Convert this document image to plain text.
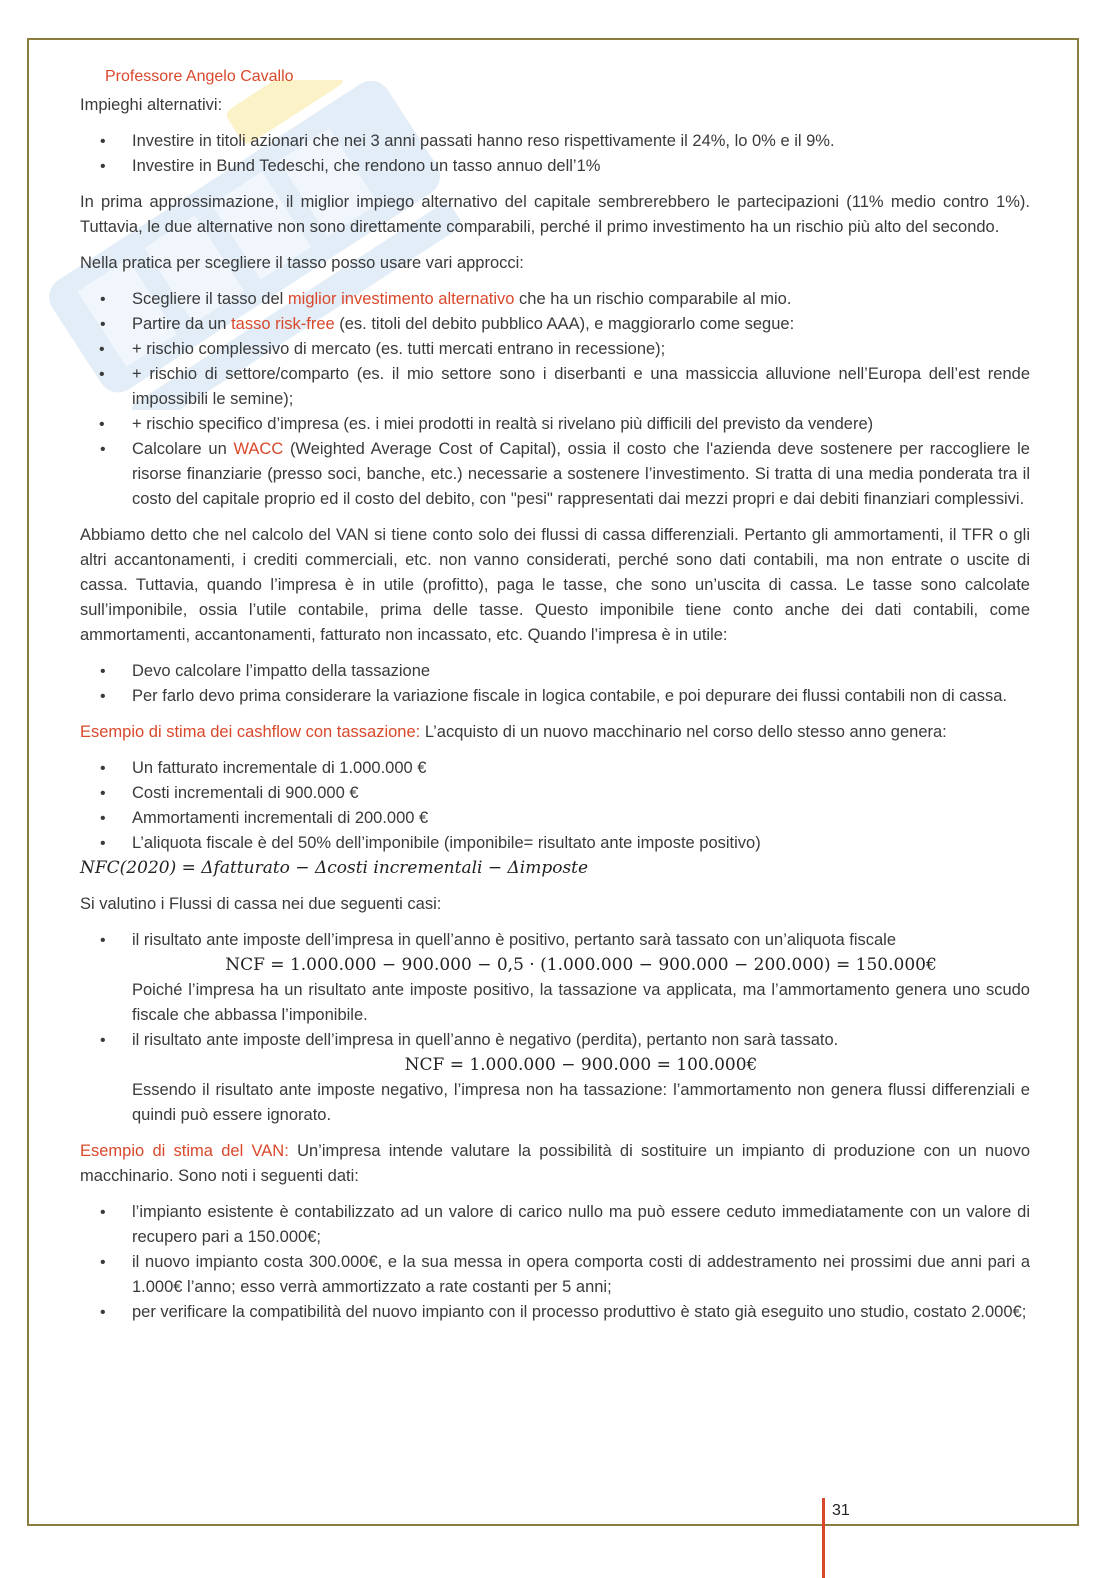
Professore Angelo Cavallo

Impieghi alternativi:

• Investire in titoli azionari che nei 3 anni passati hanno reso rispettivamente il 24%, lo 0% e il 9%.
• Investire in Bund Tedeschi, che rendono un tasso annuo dell’1%

In prima approssimazione, il miglior impiego alternativo del capitale sembrerebbero le partecipazioni (11% medio contro 1%). Tuttavia, le due alternative non sono direttamente comparabili, perché il primo investimento ha un rischio più alto del secondo.

Nella pratica per scegliere il tasso posso usare vari approcci:

• Scegliere il tasso del miglior investimento alternativo che ha un rischio comparabile al mio.
• Partire da un tasso risk-free (es. titoli del debito pubblico AAA), e maggiorarlo come segue:
• + rischio complessivo di mercato (es. tutti mercati entrano in recessione);
• + rischio di settore/comparto (es. il mio settore sono i diserbanti e una massiccia alluvione nell’Europa dell’est rende impossibili le semine);
• + rischio specifico d’impresa (es. i miei prodotti in realtà si rivelano più difficili del previsto da vendere)
• Calcolare un WACC (Weighted Average Cost of Capital), ossia il costo che l'azienda deve sostenere per raccogliere le risorse finanziarie (presso soci, banche, etc.) necessarie a sostenere l’investimento. Si tratta di una media ponderata tra il costo del capitale proprio ed il costo del debito, con "pesi" rappresentati dai mezzi propri e dai debiti finanziari complessivi.

Abbiamo detto che nel calcolo del VAN si tiene conto solo dei flussi di cassa differenziali. Pertanto gli ammortamenti, il TFR o gli altri accantonamenti, i crediti commerciali, etc. non vanno considerati, perché sono dati contabili, ma non entrate o uscite di cassa. Tuttavia, quando l’impresa è in utile (profitto), paga le tasse, che sono un’uscita di cassa. Le tasse sono calcolate sull’imponibile, ossia l’utile contabile, prima delle tasse. Questo imponibile tiene conto anche dei dati contabili, come ammortamenti, accantonamenti, fatturato non incassato, etc. Quando l’impresa è in utile:

• Devo calcolare l’impatto della tassazione
• Per farlo devo prima considerare la variazione fiscale in logica contabile, e poi depurare dei flussi contabili non di cassa.

Esempio di stima dei cashflow con tassazione: L’acquisto di un nuovo macchinario nel corso dello stesso anno genera:

• Un fatturato incrementale di 1.000.000 €
• Costi incrementali di 900.000 €
• Ammortamenti incrementali di 200.000 €
• L’aliquota fiscale è del 50% dell’imponibile (imponibile= risultato ante imposte positivo)
NFC(2020) = Δfatturato − Δcosti incrementali − Δimposte

Si valutino i Flussi di cassa nei due seguenti casi:

• il risultato ante imposte dell’impresa in quell’anno è positivo, pertanto sarà tassato con un’aliquota fiscale
NCF = 1.000.000 − 900.000 − 0,5 · (1.000.000 − 900.000 − 200.000) = 150.000€
Poiché l’impresa ha un risultato ante imposte positivo, la tassazione va applicata, ma l’ammortamento genera uno scudo fiscale che abbassa l’imponibile.
• il risultato ante imposte dell’impresa in quell’anno è negativo (perdita), pertanto non sarà tassato.
NCF = 1.000.000 − 900.000 = 100.000€
Essendo il risultato ante imposte negativo, l’impresa non ha tassazione: l’ammortamento non genera flussi differenziali e quindi può essere ignorato.

Esempio di stima del VAN: Un’impresa intende valutare la possibilità di sostituire un impianto di produzione con un nuovo macchinario. Sono noti i seguenti dati:

• l’impianto esistente è contabilizzato ad un valore di carico nullo ma può essere ceduto immediatamente con un valore di recupero pari a 150.000€;
• il nuovo impianto costa 300.000€, e la sua messa in opera comporta costi di addestramento nei prossimi due anni pari a 1.000€ l’anno; esso verrà ammortizzato a rate costanti per 5 anni;
• per verificare la compatibilità del nuovo impianto con il processo produttivo è stato già eseguito uno studio, costato 2.000€;
31
